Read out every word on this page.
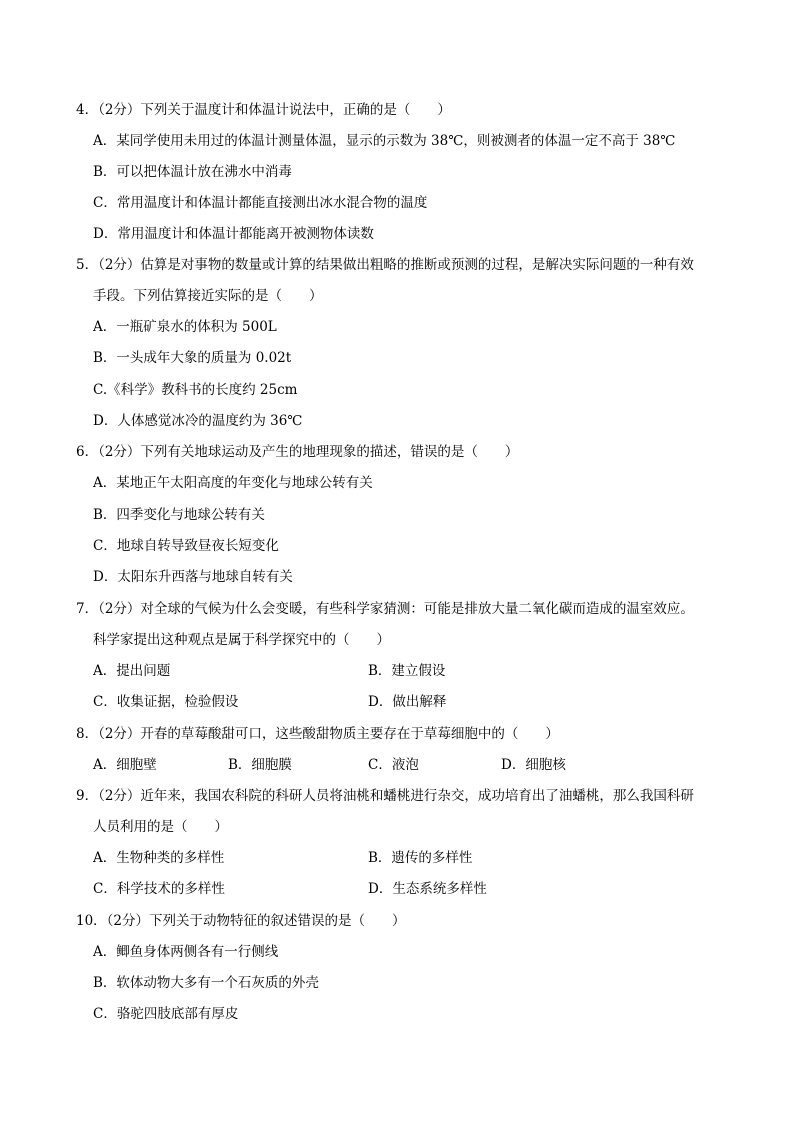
4．（2分）下列关于温度计和体温计说法中，正确的是（　　）
A．某同学使用未用过的体温计测量体温，显示的示数为 38℃，则被测者的体温一定不高于 38℃
B．可以把体温计放在沸水中消毒
C．常用温度计和体温计都能直接测出冰水混合物的温度
D．常用温度计和体温计都能离开被测物体读数
5．（2分）估算是对事物的数量或计算的结果做出粗略的推断或预测的过程，是解决实际问题的一种有效
手段。下列估算接近实际的是（　　）
A．一瓶矿泉水的体积为 500L
B．一头成年大象的质量为 0.02t
C.《科学》教科书的长度约 25cm
D．人体感觉冰冷的温度约为 36℃
6．（2分）下列有关地球运动及产生的地理现象的描述，错误的是（　　）
A．某地正午太阳高度的年变化与地球公转有关
B．四季变化与地球公转有关
C．地球自转导致昼夜长短变化
D．太阳东升西落与地球自转有关
7．（2分）对全球的气候为什么会变暖，有些科学家猜测：可能是排放大量二氧化碳而造成的温室效应。
科学家提出这种观点是属于科学探究中的（　　）
A．提出问题	B．建立假设
C．收集证据，检验假设	D．做出解释
8．（2分）开春的草莓酸甜可口，这些酸甜物质主要存在于草莓细胞中的（　　）
A．细胞壁	B．细胞膜	C．液泡	D．细胞核
9．（2分）近年来，我国农科院的科研人员将油桃和蟠桃进行杂交，成功培育出了油蟠桃，那么我国科研
人员利用的是（　　）
A．生物种类的多样性	B．遗传的多样性
C．科学技术的多样性	D．生态系统多样性
10．（2分）下列关于动物特征的叙述错误的是（　　）
A．鲫鱼身体两侧各有一行侧线
B．软体动物大多有一个石灰质的外壳
C．骆驼四肢底部有厚皮
